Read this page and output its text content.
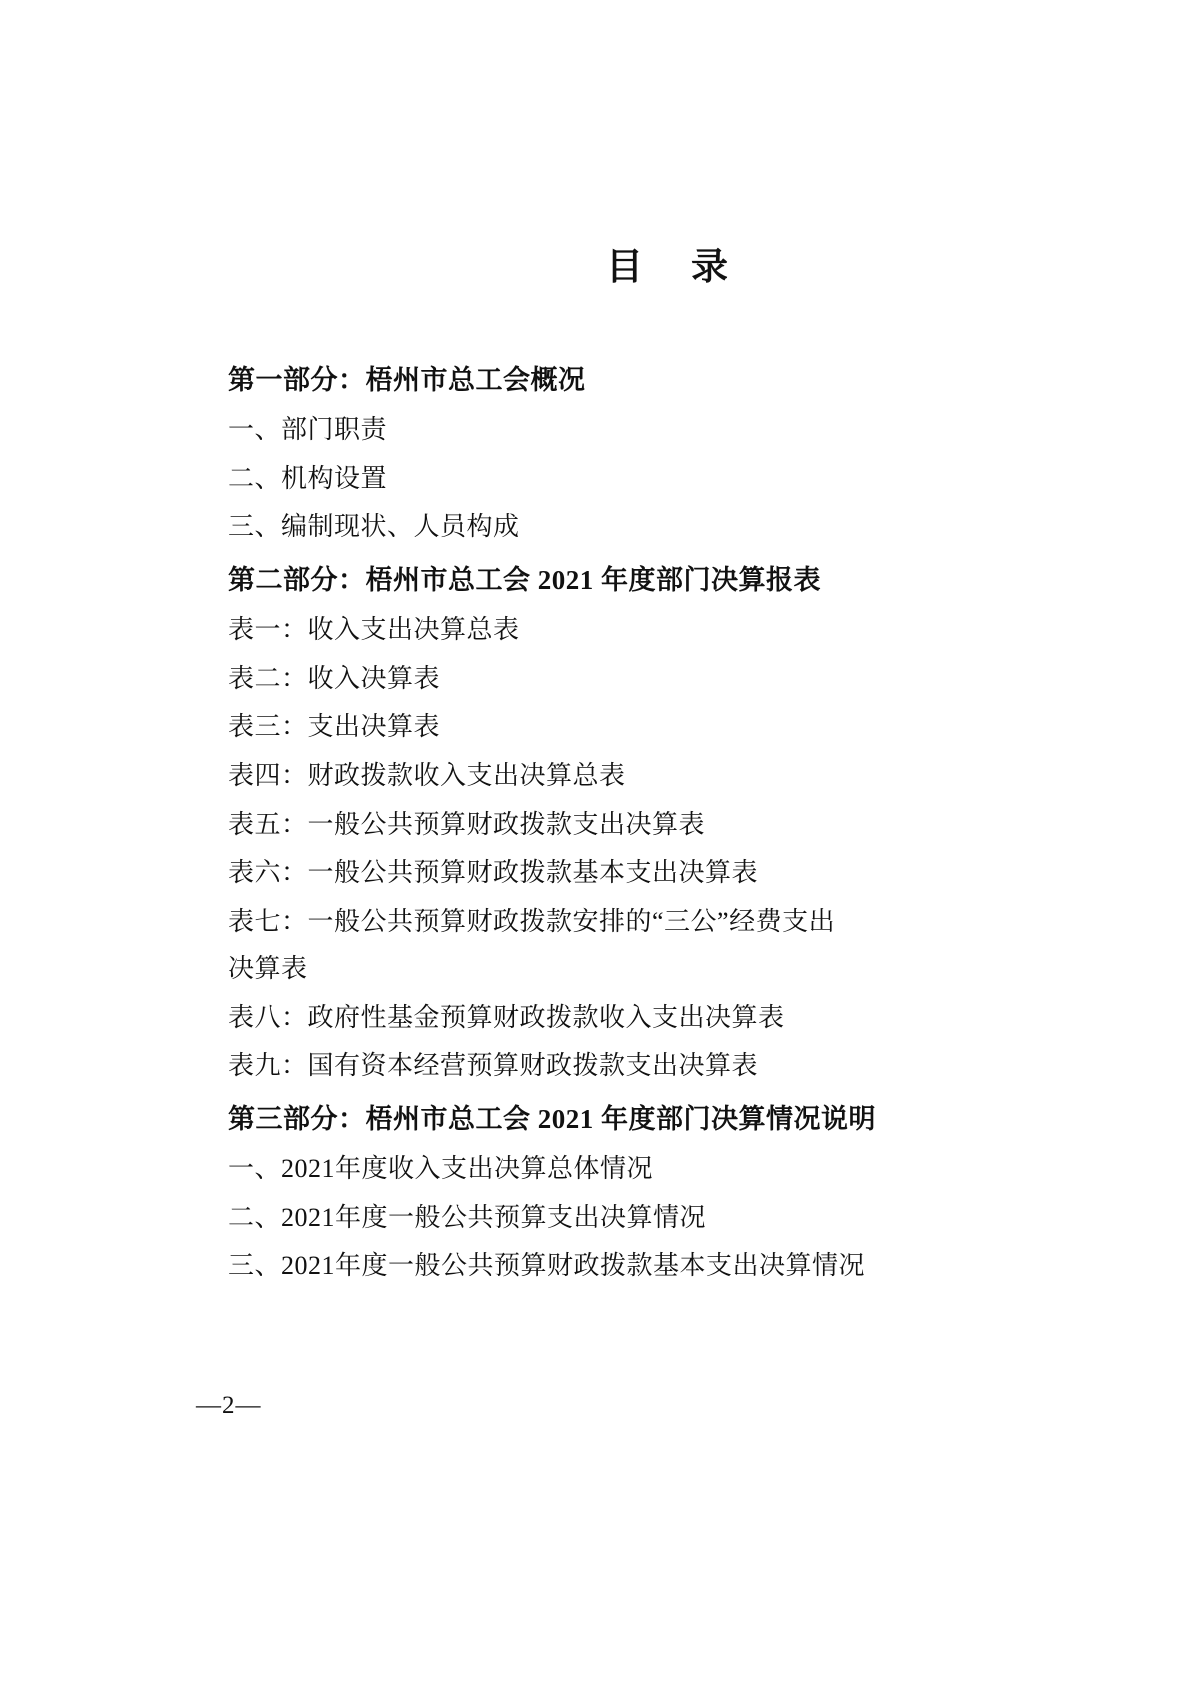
目 录
第一部分：梧州市总工会概况
一、部门职责
二、机构设置
三、编制现状、人员构成
第二部分：梧州市总工会 2021 年度部门决算报表
表一：收入支出决算总表
表二：收入决算表
表三：支出决算表
表四：财政拨款收入支出决算总表
表五：一般公共预算财政拨款支出决算表
表六：一般公共预算财政拨款基本支出决算表
表七：一般公共预算财政拨款安排的“三公”经费支出
决算表
表八：政府性基金预算财政拨款收入支出决算表
表九：国有资本经营预算财政拨款支出决算表
第三部分：梧州市总工会 2021 年度部门决算情况说明
一、2021年度收入支出决算总体情况
二、2021年度一般公共预算支出决算情况
三、2021年度一般公共预算财政拨款基本支出决算情况
—2—
